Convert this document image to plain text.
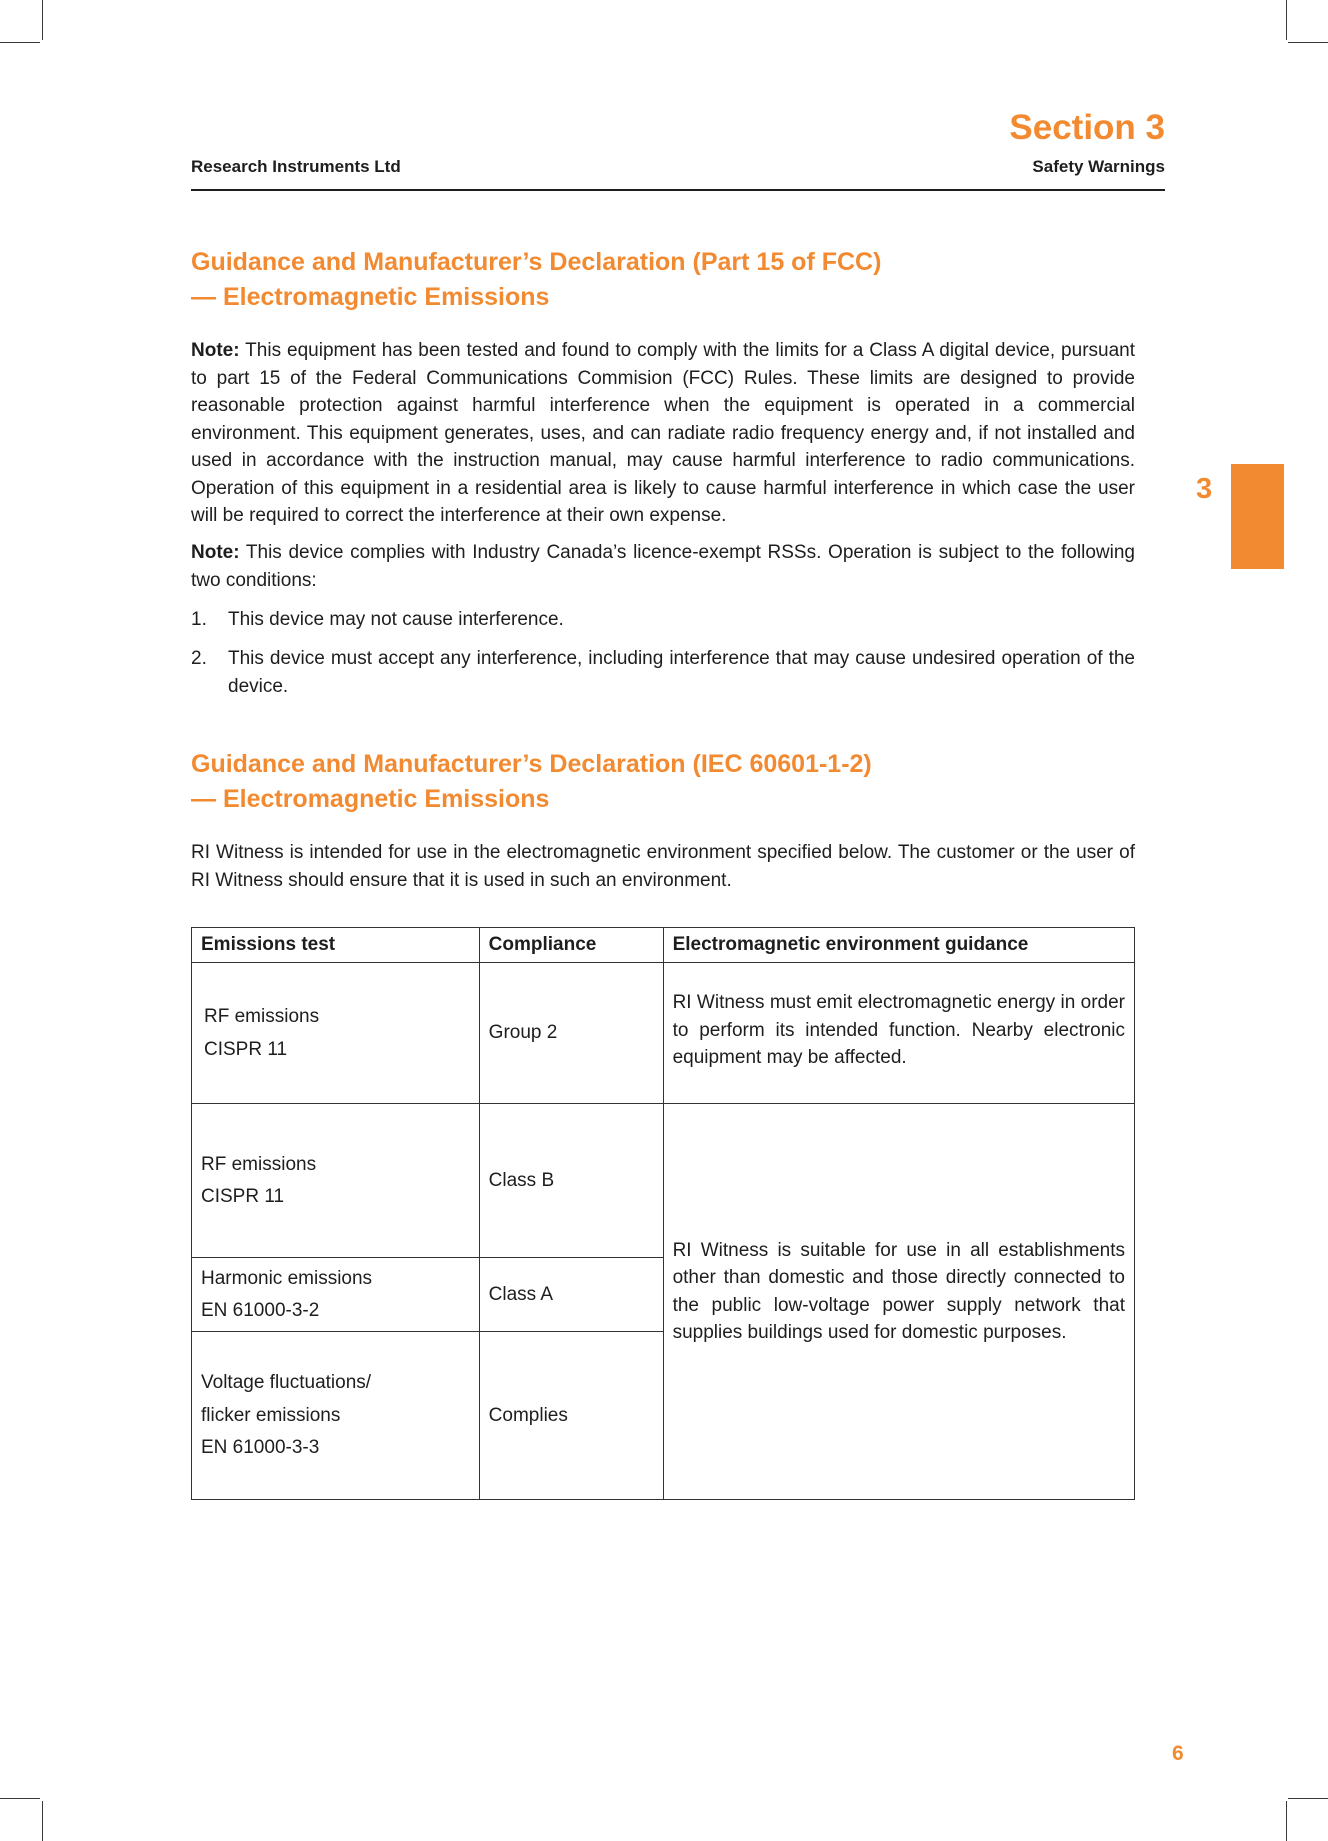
Research Instruments Ltd
Section 3
Safety Warnings
3
Guidance and Manufacturer’s Declaration (Part 15 of FCC)
— Electromagnetic Emissions

Note: This equipment has been tested and found to comply with the limits for a Class A digital device, pursuant to part 15 of the Federal Communications Commision (FCC) Rules. These limits are designed to provide reasonable protection against harmful interference when the equipment is operated in a commercial environment. This equipment generates, uses, and can radiate radio frequency energy and, if not installed and used in accordance with the instruction manual, may cause harmful interference to radio communications. Operation of this equipment in a residential area is likely to cause harmful interference in which case the user will be required to correct the interference at their own expense.

Note: This device complies with Industry Canada’s licence-exempt RSSs. Operation is subject to the following two conditions:

1. This device may not cause interference.
2. This device must accept any interference, including interference that may cause undesired operation of the device.
Guidance and Manufacturer’s Declaration (IEC 60601-1-2)
— Electromagnetic Emissions

RI Witness is intended for use in the electromagnetic environment specified below. The customer or the user of RI Witness should ensure that it is used in such an environment.

Emissions test	Compliance	Electromagnetic environment guidance

RF emissions
CISPR 11	Group 2	RI Witness must emit electromagnetic energy in order to perform its intended function. Nearby electronic equipment may be affected.

RF emissions
CISPR 11	Class B	RI Witness is suitable for use in all establishments other than domestic and those directly connected to the public low-voltage power supply network that supplies buildings used for domestic purposes.

Harmonic emissions
EN 61000-3-2	Class A	

Voltage fluctuations/
flicker emissions
EN 61000-3-3	Complies	
6
